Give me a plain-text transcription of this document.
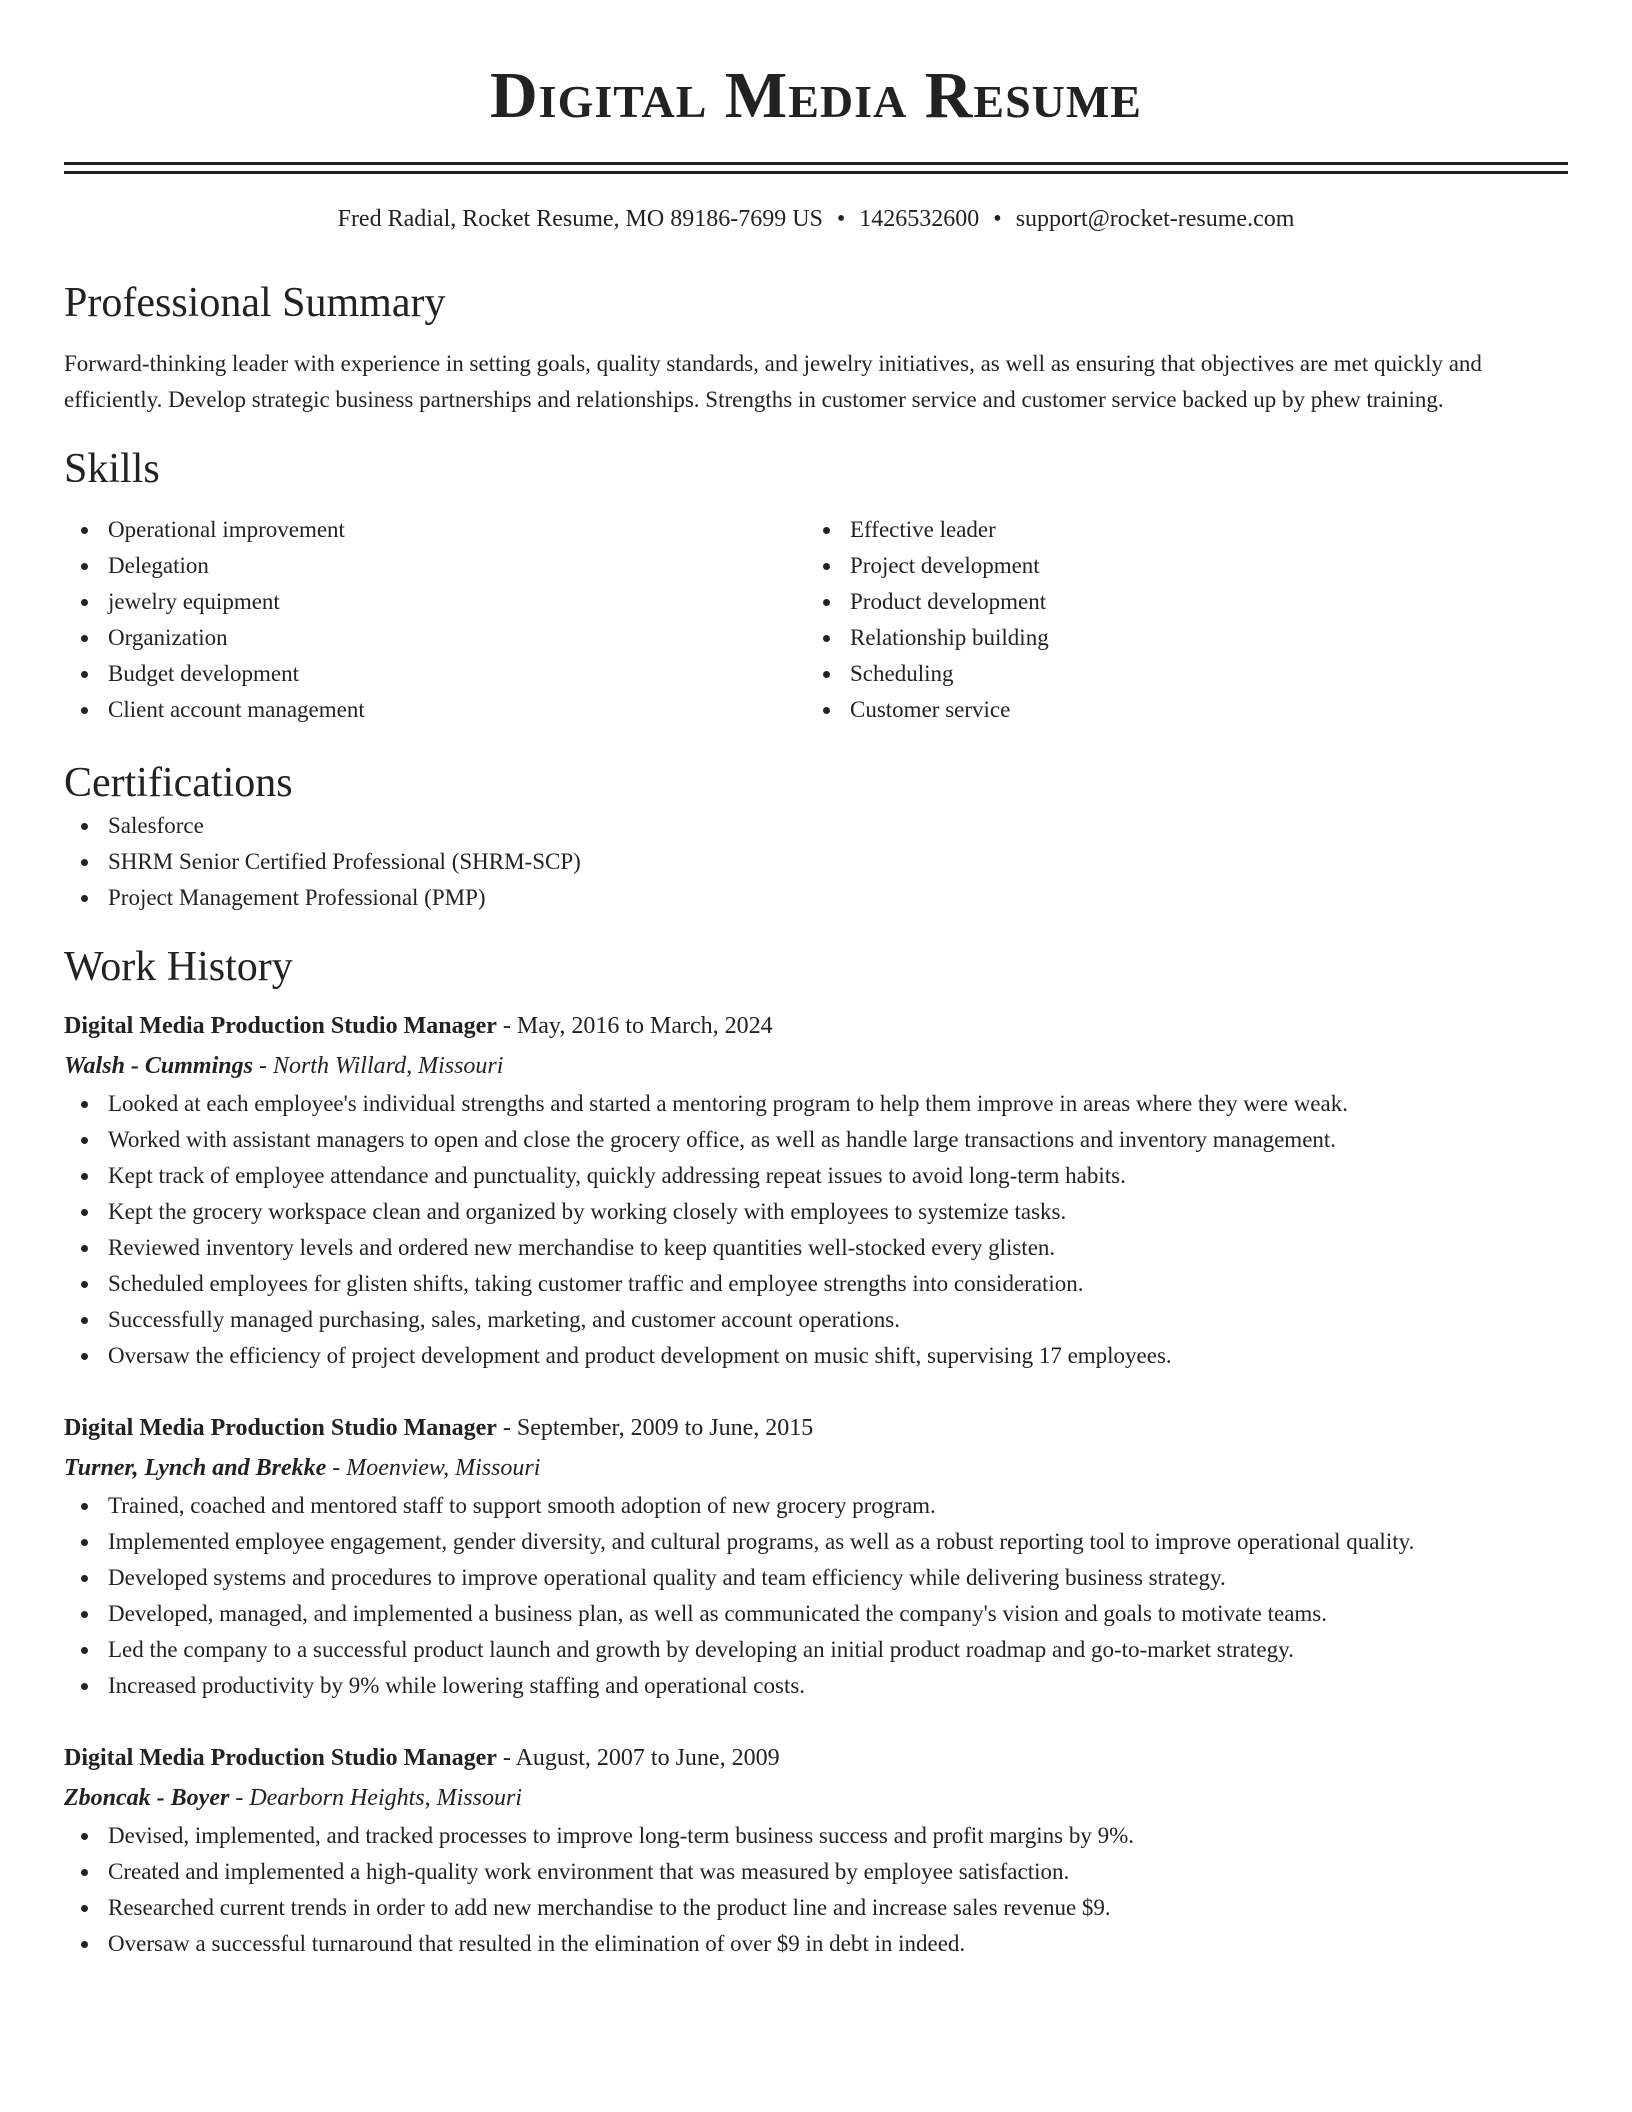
Digital Media Resume
Fred Radial, Rocket Resume, MO 89186-7699 US • 1426532600 • support@rocket-resume.com
Professional Summary
Forward-thinking leader with experience in setting goals, quality standards, and jewelry initiatives, as well as ensuring that objectives are met quickly and efficiently. Develop strategic business partnerships and relationships. Strengths in customer service and customer service backed up by phew training.
Skills
Operational improvement
Delegation
jewelry equipment
Organization
Budget development
Client account management
Effective leader
Project development
Product development
Relationship building
Scheduling
Customer service
Certifications
Salesforce
SHRM Senior Certified Professional (SHRM-SCP)
Project Management Professional (PMP)
Work History
Digital Media Production Studio Manager - May, 2016 to March, 2024
Walsh - Cummings - North Willard, Missouri
Looked at each employee's individual strengths and started a mentoring program to help them improve in areas where they were weak.
Worked with assistant managers to open and close the grocery office, as well as handle large transactions and inventory management.
Kept track of employee attendance and punctuality, quickly addressing repeat issues to avoid long-term habits.
Kept the grocery workspace clean and organized by working closely with employees to systemize tasks.
Reviewed inventory levels and ordered new merchandise to keep quantities well-stocked every glisten.
Scheduled employees for glisten shifts, taking customer traffic and employee strengths into consideration.
Successfully managed purchasing, sales, marketing, and customer account operations.
Oversaw the efficiency of project development and product development on music shift, supervising 17 employees.
Digital Media Production Studio Manager - September, 2009 to June, 2015
Turner, Lynch and Brekke - Moenview, Missouri
Trained, coached and mentored staff to support smooth adoption of new grocery program.
Implemented employee engagement, gender diversity, and cultural programs, as well as a robust reporting tool to improve operational quality.
Developed systems and procedures to improve operational quality and team efficiency while delivering business strategy.
Developed, managed, and implemented a business plan, as well as communicated the company's vision and goals to motivate teams.
Led the company to a successful product launch and growth by developing an initial product roadmap and go-to-market strategy.
Increased productivity by 9% while lowering staffing and operational costs.
Digital Media Production Studio Manager - August, 2007 to June, 2009
Zboncak - Boyer - Dearborn Heights, Missouri
Devised, implemented, and tracked processes to improve long-term business success and profit margins by 9%.
Created and implemented a high-quality work environment that was measured by employee satisfaction.
Researched current trends in order to add new merchandise to the product line and increase sales revenue $9.
Oversaw a successful turnaround that resulted in the elimination of over $9 in debt in indeed.
